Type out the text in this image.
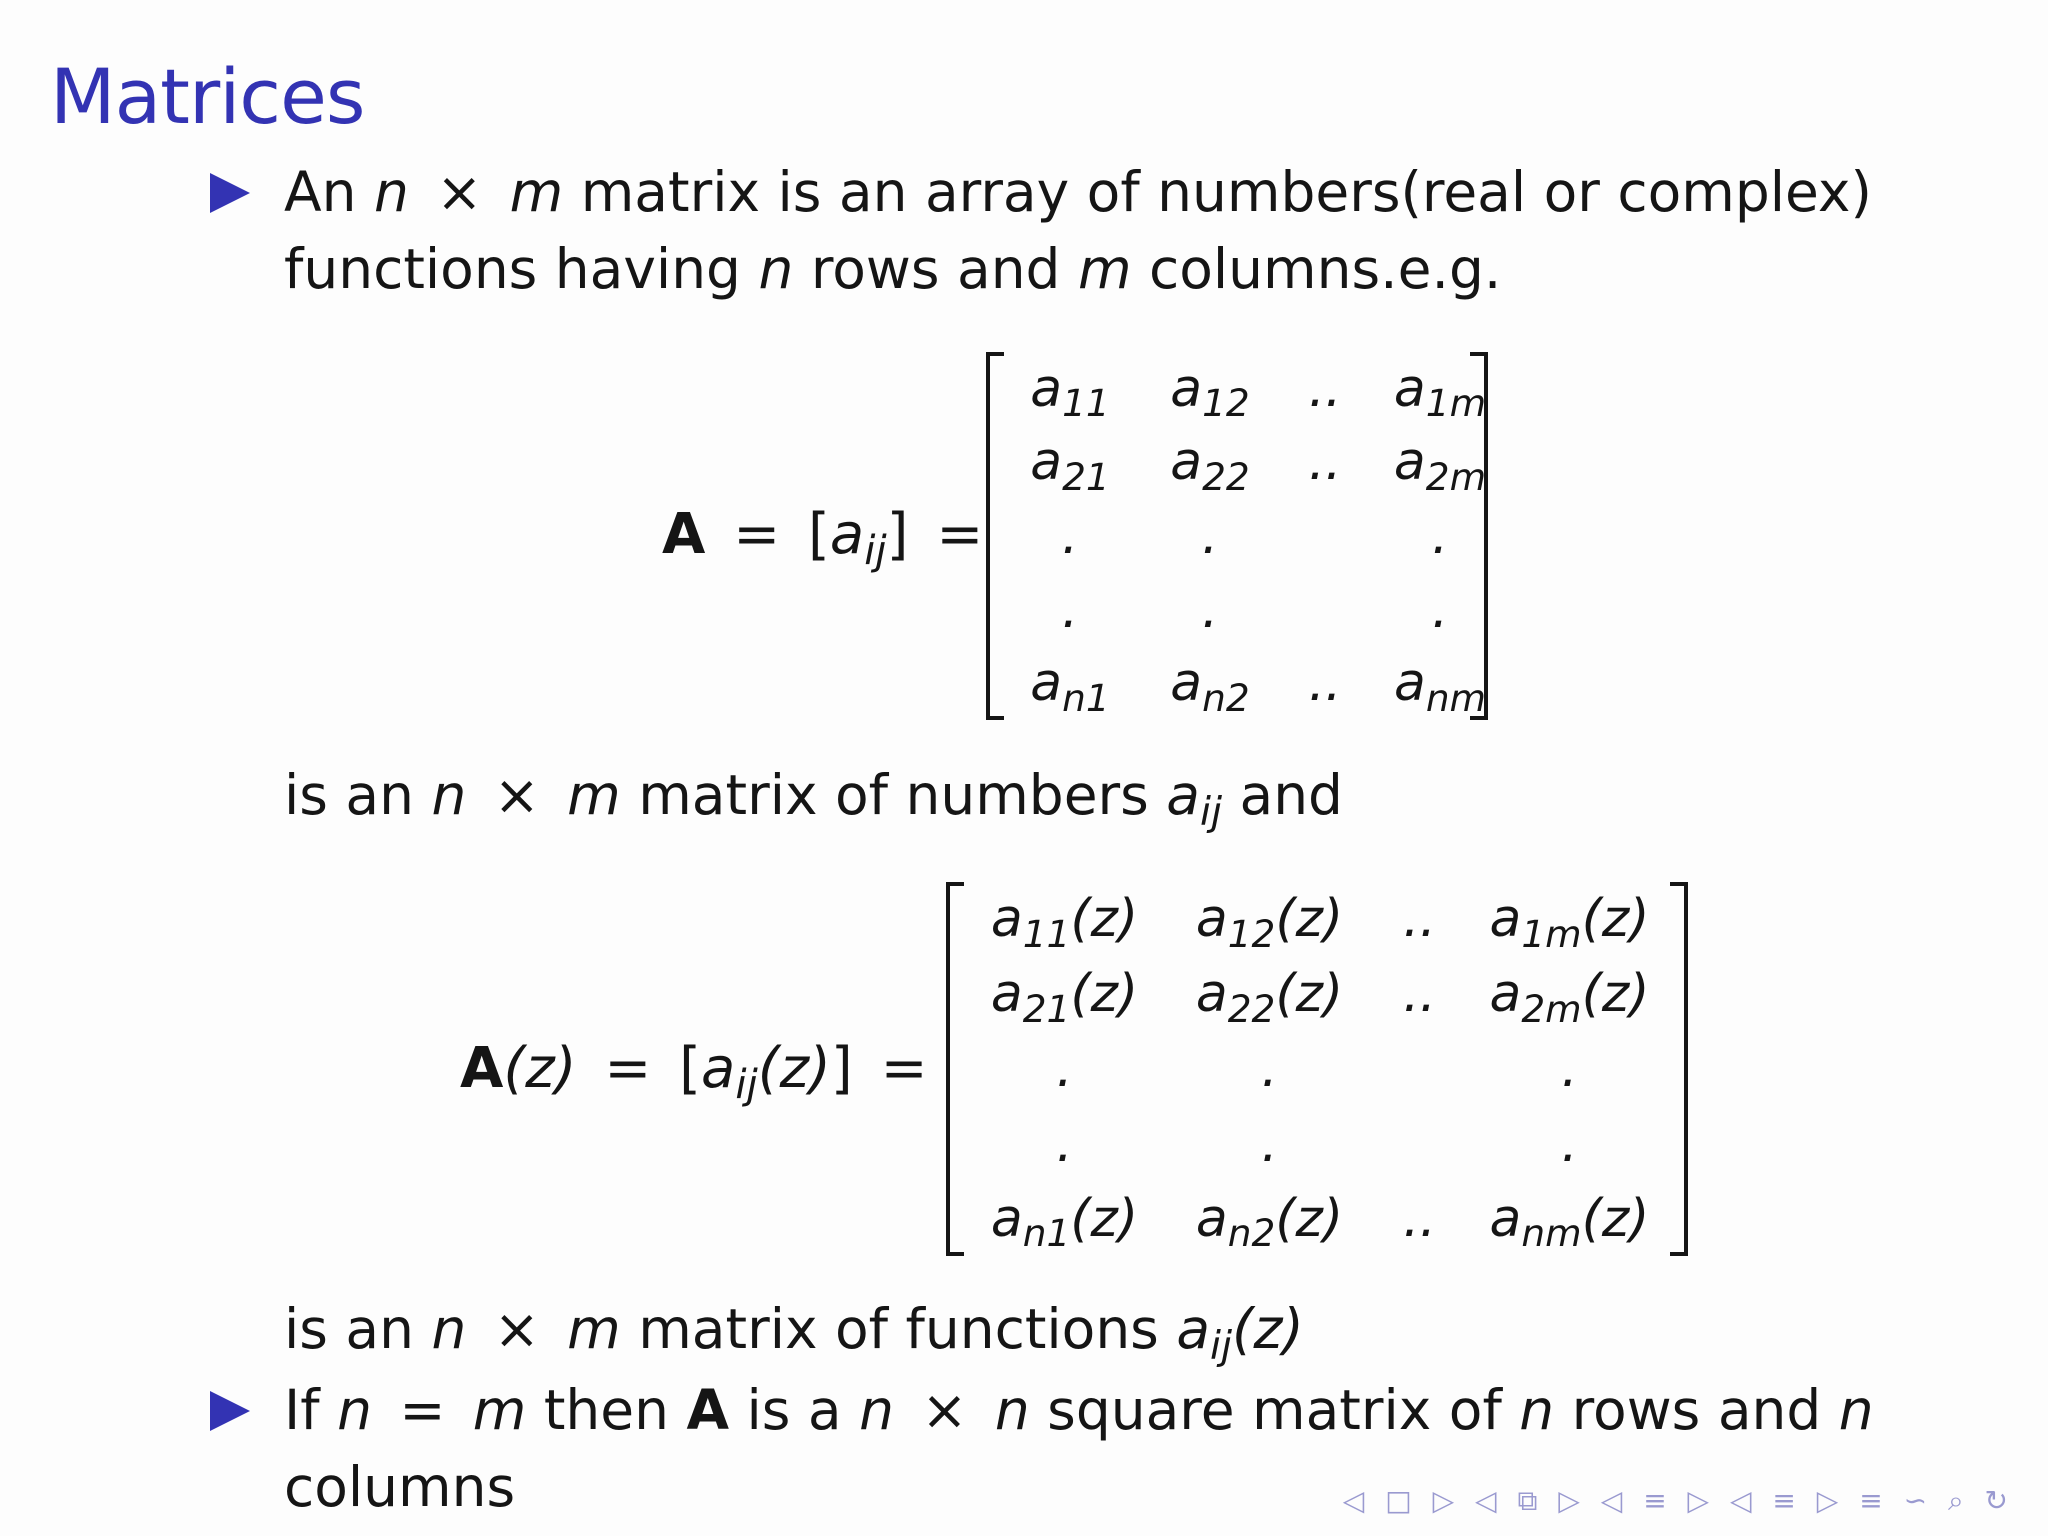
Matrices
An n × m matrix is an array of numbers(real or complex)
functions having n rows and m columns.e.g.
$A = [a_{ij}]$ =
$a_{11}$	$a_{12}$	..	$a_{1m}$
$a_{21}$	$a_{22}$	..	$a_{2m}$
.	.	.
.	.	.
$a_{n1}$	$a_{n2}$	..	$a_{nm}$
is an n × m matrix of numbers $a_{ij}$ and
$A(z) = [a_{ij}(z)]$ =
$a_{11}(z)$	$a_{12}(z)$	..	$a_{1m}(z)$
$a_{21}(z)$	$a_{22}(z)$	..	$a_{2m}(z)$
.	.	.
.	.	.
$a_{n1}(z)$	$a_{n2}(z)$	..	$a_{nm}(z)$
is an n × m matrix of functions $a_{ij}(z)$
If n = m then A is a n × n square matrix of n rows and n
columns	◁ □ ▷ ◁ ⧉ ▷ ◁ ≡ ▷ ◁ ≡ ▷ ≡ ∽ ⌕ ↻
